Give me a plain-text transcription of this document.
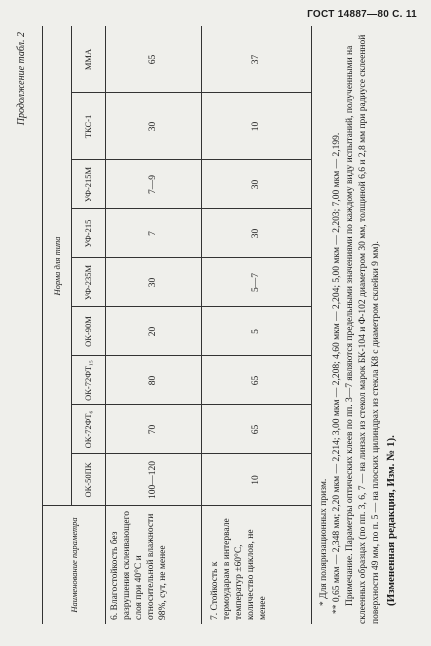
ГОСТ 14887—80 С. 11
Продолжение табл. 2
Наименование параметра
Норма для типа
ОК-50ПК
ОК-72ФТ₆
ОК-72ФТ₁₅
ОК-90М
УФ-235М
УФ-215
УФ-215М
ТКС-1
ММА
6. Влагостойкость без разрушения склеивающего слоя при 40°С и относительной влажности 98%, сут, не менее
100—120
70
80
20
30
7
7—9
30
65
7. Стойкость к термоударам в интервале температур ±60°С, количество циклов, не менее
10
65
65
5
5—7
30
30
10
37

* Для поляризационных призм. ** 0,65 мкм — 2,348 мм; 2,20 мкм — 2,214; 3,00 мкм — 2,208; 4,60 мкм — 2,204; 5,00 мкм — 2,203; 7,00 мкм — 2,199. Примечание. Параметры оптических клеев по пп. 3—7 являются предельными значениями по каждому виду испытаний, полученными на склеенных образцах (по пп. 3, 6, 7 — на линзах из стекол марок БК-104 и Ф-102 диаметром 30 мм, толщиной 6,6 и 2,8 мм при радиусе склеенной поверхности 49 мм, по п. 5 — на плоских цилиндрах из стекла К8 с диаметром склейки 9 мм). (Измененная редакция, Изм. № 1).
